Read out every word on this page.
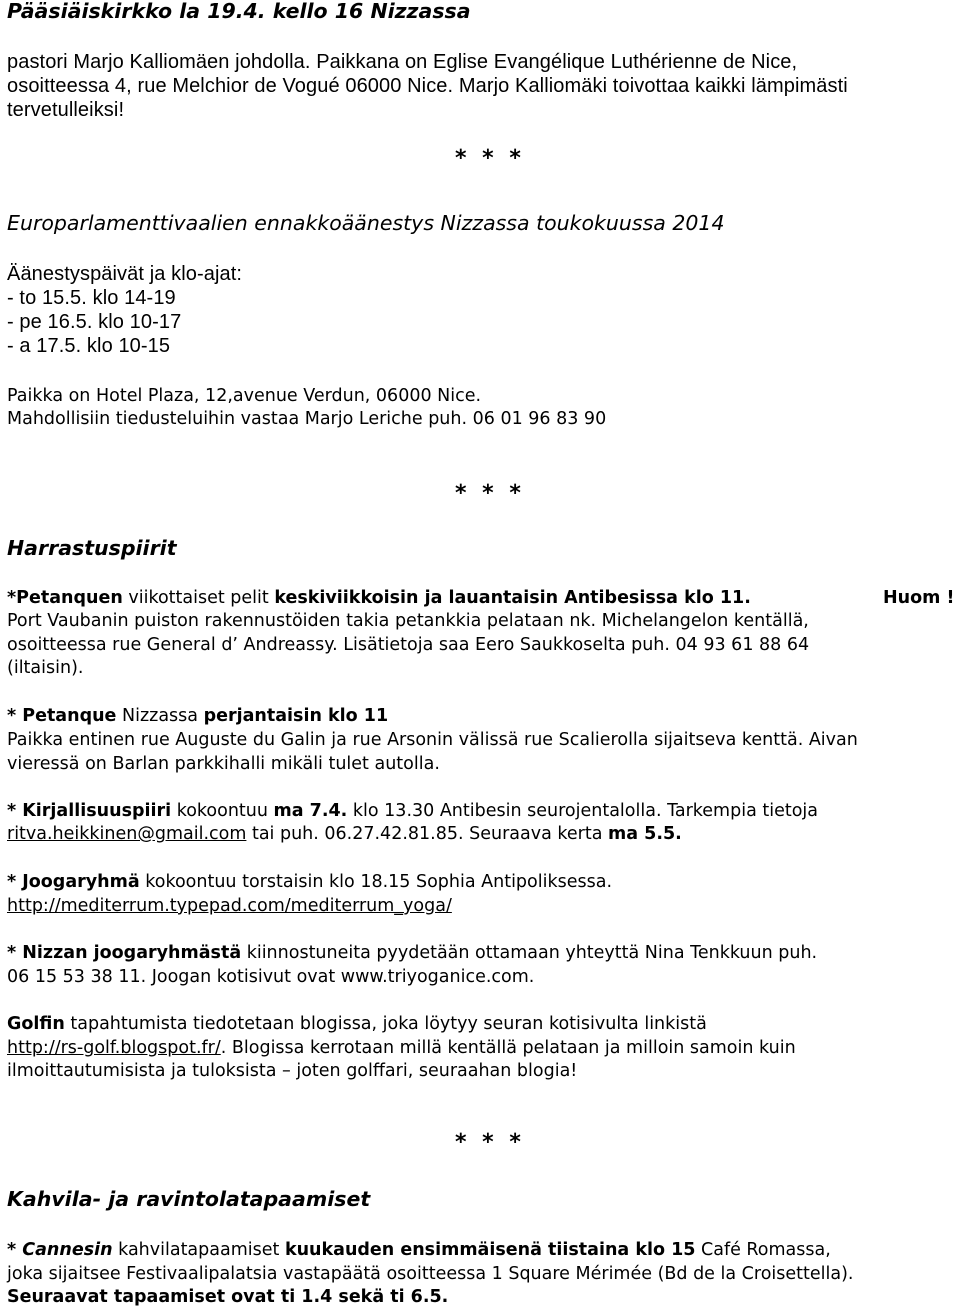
Pääsiäiskirkko la 19.4. kello 16 Nizzassa
pastori Marjo Kalliomäen johdolla. Paikkana on Eglise Evangélique Luthérienne de Nice,
osoitteessa 4, rue Melchior de Vogué 06000 Nice. Marjo Kalliomäki toivottaa kaikki lämpimästi
tervetulleiksi!
* * *
Europarlamenttivaalien ennakkoäänestys Nizzassa toukokuussa 2014
Äänestyspäivät ja klo-ajat:
- to 15.5. klo 14-19
- pe 16.5. klo 10-17
- a 17.5. klo 10-15
Paikka on Hotel Plaza, 12,avenue Verdun, 06000 Nice.
Mahdollisiin tiedusteluihin vastaa Marjo Leriche puh. 06 01 96 83 90
* * *
Harrastuspiirit
*Petanquen viikottaiset pelit keskiviikkoisin ja lauantaisin Antibesissa klo 11.	Huom !
Port Vaubanin puiston rakennustöiden takia petankkia pelataan nk. Michelangelon kentällä,
osoitteessa rue General d’ Andreassy. Lisätietoja saa Eero Saukkoselta puh. 04 93 61 88 64
(iltaisin).
* Petanque Nizzassa perjantaisin klo 11
Paikka entinen rue Auguste du Galin ja rue Arsonin välissä rue Scalierolla sijaitseva kenttä. Aivan
vieressä on Barlan parkkihalli mikäli tulet autolla.
* Kirjallisuuspiiri kokoontuu ma 7.4. klo 13.30 Antibesin seurojentalolla. Tarkempia tietoja
ritva.heikkinen@gmail.com tai puh. 06.27.42.81.85. Seuraava kerta ma 5.5.
* Joogaryhmä kokoontuu torstaisin klo 18.15 Sophia Antipoliksessa.
http://mediterrum.typepad.com/mediterrum_yoga/
* Nizzan joogaryhmästä kiinnostuneita pyydetään ottamaan yhteyttä Nina Tenkkuun puh.
06 15 53 38 11. Joogan kotisivut ovat www.triyoganice.com.
Golfin tapahtumista tiedotetaan blogissa, joka löytyy seuran kotisivulta linkistä
http://rs-golf.blogspot.fr/. Blogissa kerrotaan millä kentällä pelataan ja milloin samoin kuin
ilmoittautumisista ja tuloksista – joten golffari, seuraahan blogia!
* * *
Kahvila- ja ravintolatapaamiset
* Cannesin kahvilatapaamiset kuukauden ensimmäisenä tiistaina klo 15 Café Romassa,
joka sijaitsee Festivaalipalatsia vastapäätä osoitteessa 1 Square Mérimée (Bd de la Croisettella).
Seuraavat tapaamiset ovat ti 1.4 sekä ti 6.5.
